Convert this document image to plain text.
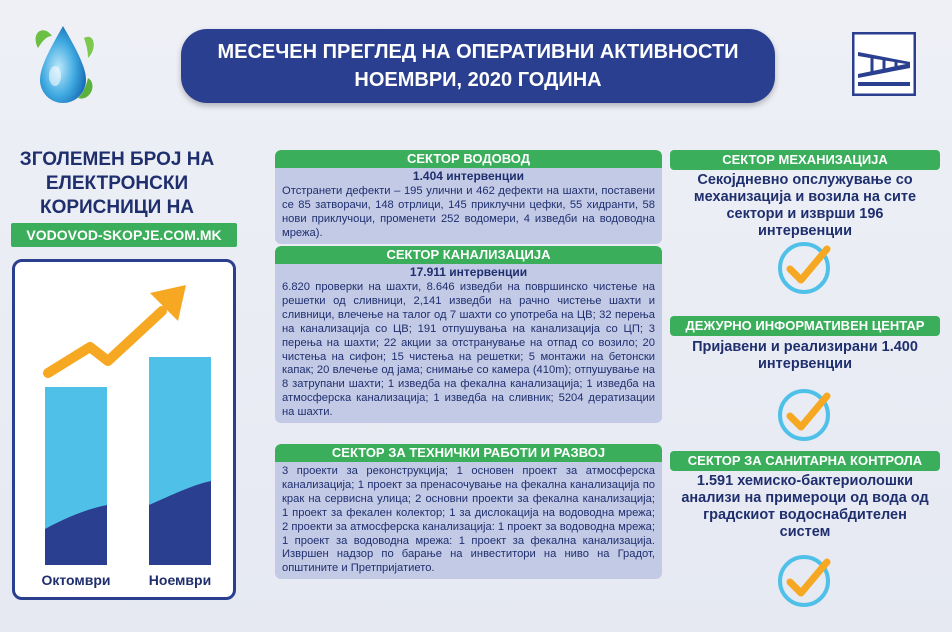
МЕСЕЧЕН ПРЕГЛЕД НА ОПЕРАТИВНИ АКТИВНОСТИ
НОЕМВРИ, 2020 ГОДИНА
ЗГОЛЕМЕН БРОЈ НА
ЕЛЕКТРОНСКИ
КОРИСНИЦИ НА
VODOVOD-SKOPJE.COM.MK
Октомври	Ноември
СЕКТОР ВОДОВОД
1.404 интервенции
Отстранети дефекти – 195 улични и 462 дефекти на шахти, поставени се 85 затворачи, 148 отрлици, 145 приклучни цефки, 55 хидранти, 58 нови приклучоци, променети 252 водомери, 4 изведби на водоводна мрежа).
СЕКТОР КАНАЛИЗАЦИЈА
17.911 интервенции
6.820 проверки на шахти, 8.646 изведби на површинско чистење на решетки од сливници, 2,141 изведби на рачно чистење шахти и сливници, влечење на талог од 7 шахти со употреба на ЦВ; 32 перења на канализација со ЦВ; 191 отпушувања на канализација со ЦП; 3 перења на шахти; 22 акции за отстранување на отпад со возило; 20 чистења на сифон; 15 чистења на решетки; 5 монтажи на бетонски капак; 20 влечење од јама; снимање со камера (410m); отпушување на 8 затрупани шахти; 1 изведба на фекална канализација; 1 изведба на атмосферска канализација; 1 изведба на сливник; 5204 дератизации на шахти.
СЕКТОР ЗА ТЕХНИЧКИ РАБОТИ И РАЗВОЈ
3 проекти за реконструкција; 1 основен проект за атмосферска канализација; 1 проект за пренасочување на фекална канализација по крак на сервисна улица; 2 основни проекти за фекална канализација; 1 проект за фекален колектор; 1 за дислокација на водоводна мрежа; 2 проекти за атмосферска канализација: 1 проект за водоводна мрежа; 1 проект за водоводна мрежа: 1 проект за фекална канализација. Извршен надзор по барање на инвеститори на ниво на Градот, општините и Претпријатието.
СЕКТОР МЕХАНИЗАЦИЈА
Секојдневно опслужување со механизација и возила на сите сектори и изврши 196 интервенции
ДЕЖУРНО ИНФОРМАТИВЕН ЦЕНТАР
Пријавени и реализирани 1.400 интервенции
СЕКТОР ЗА САНИТАРНА КОНТРОЛА
1.591 хемиско-бактериолошки анализи на примероци од вода од градскиот водоснабдителен систем
